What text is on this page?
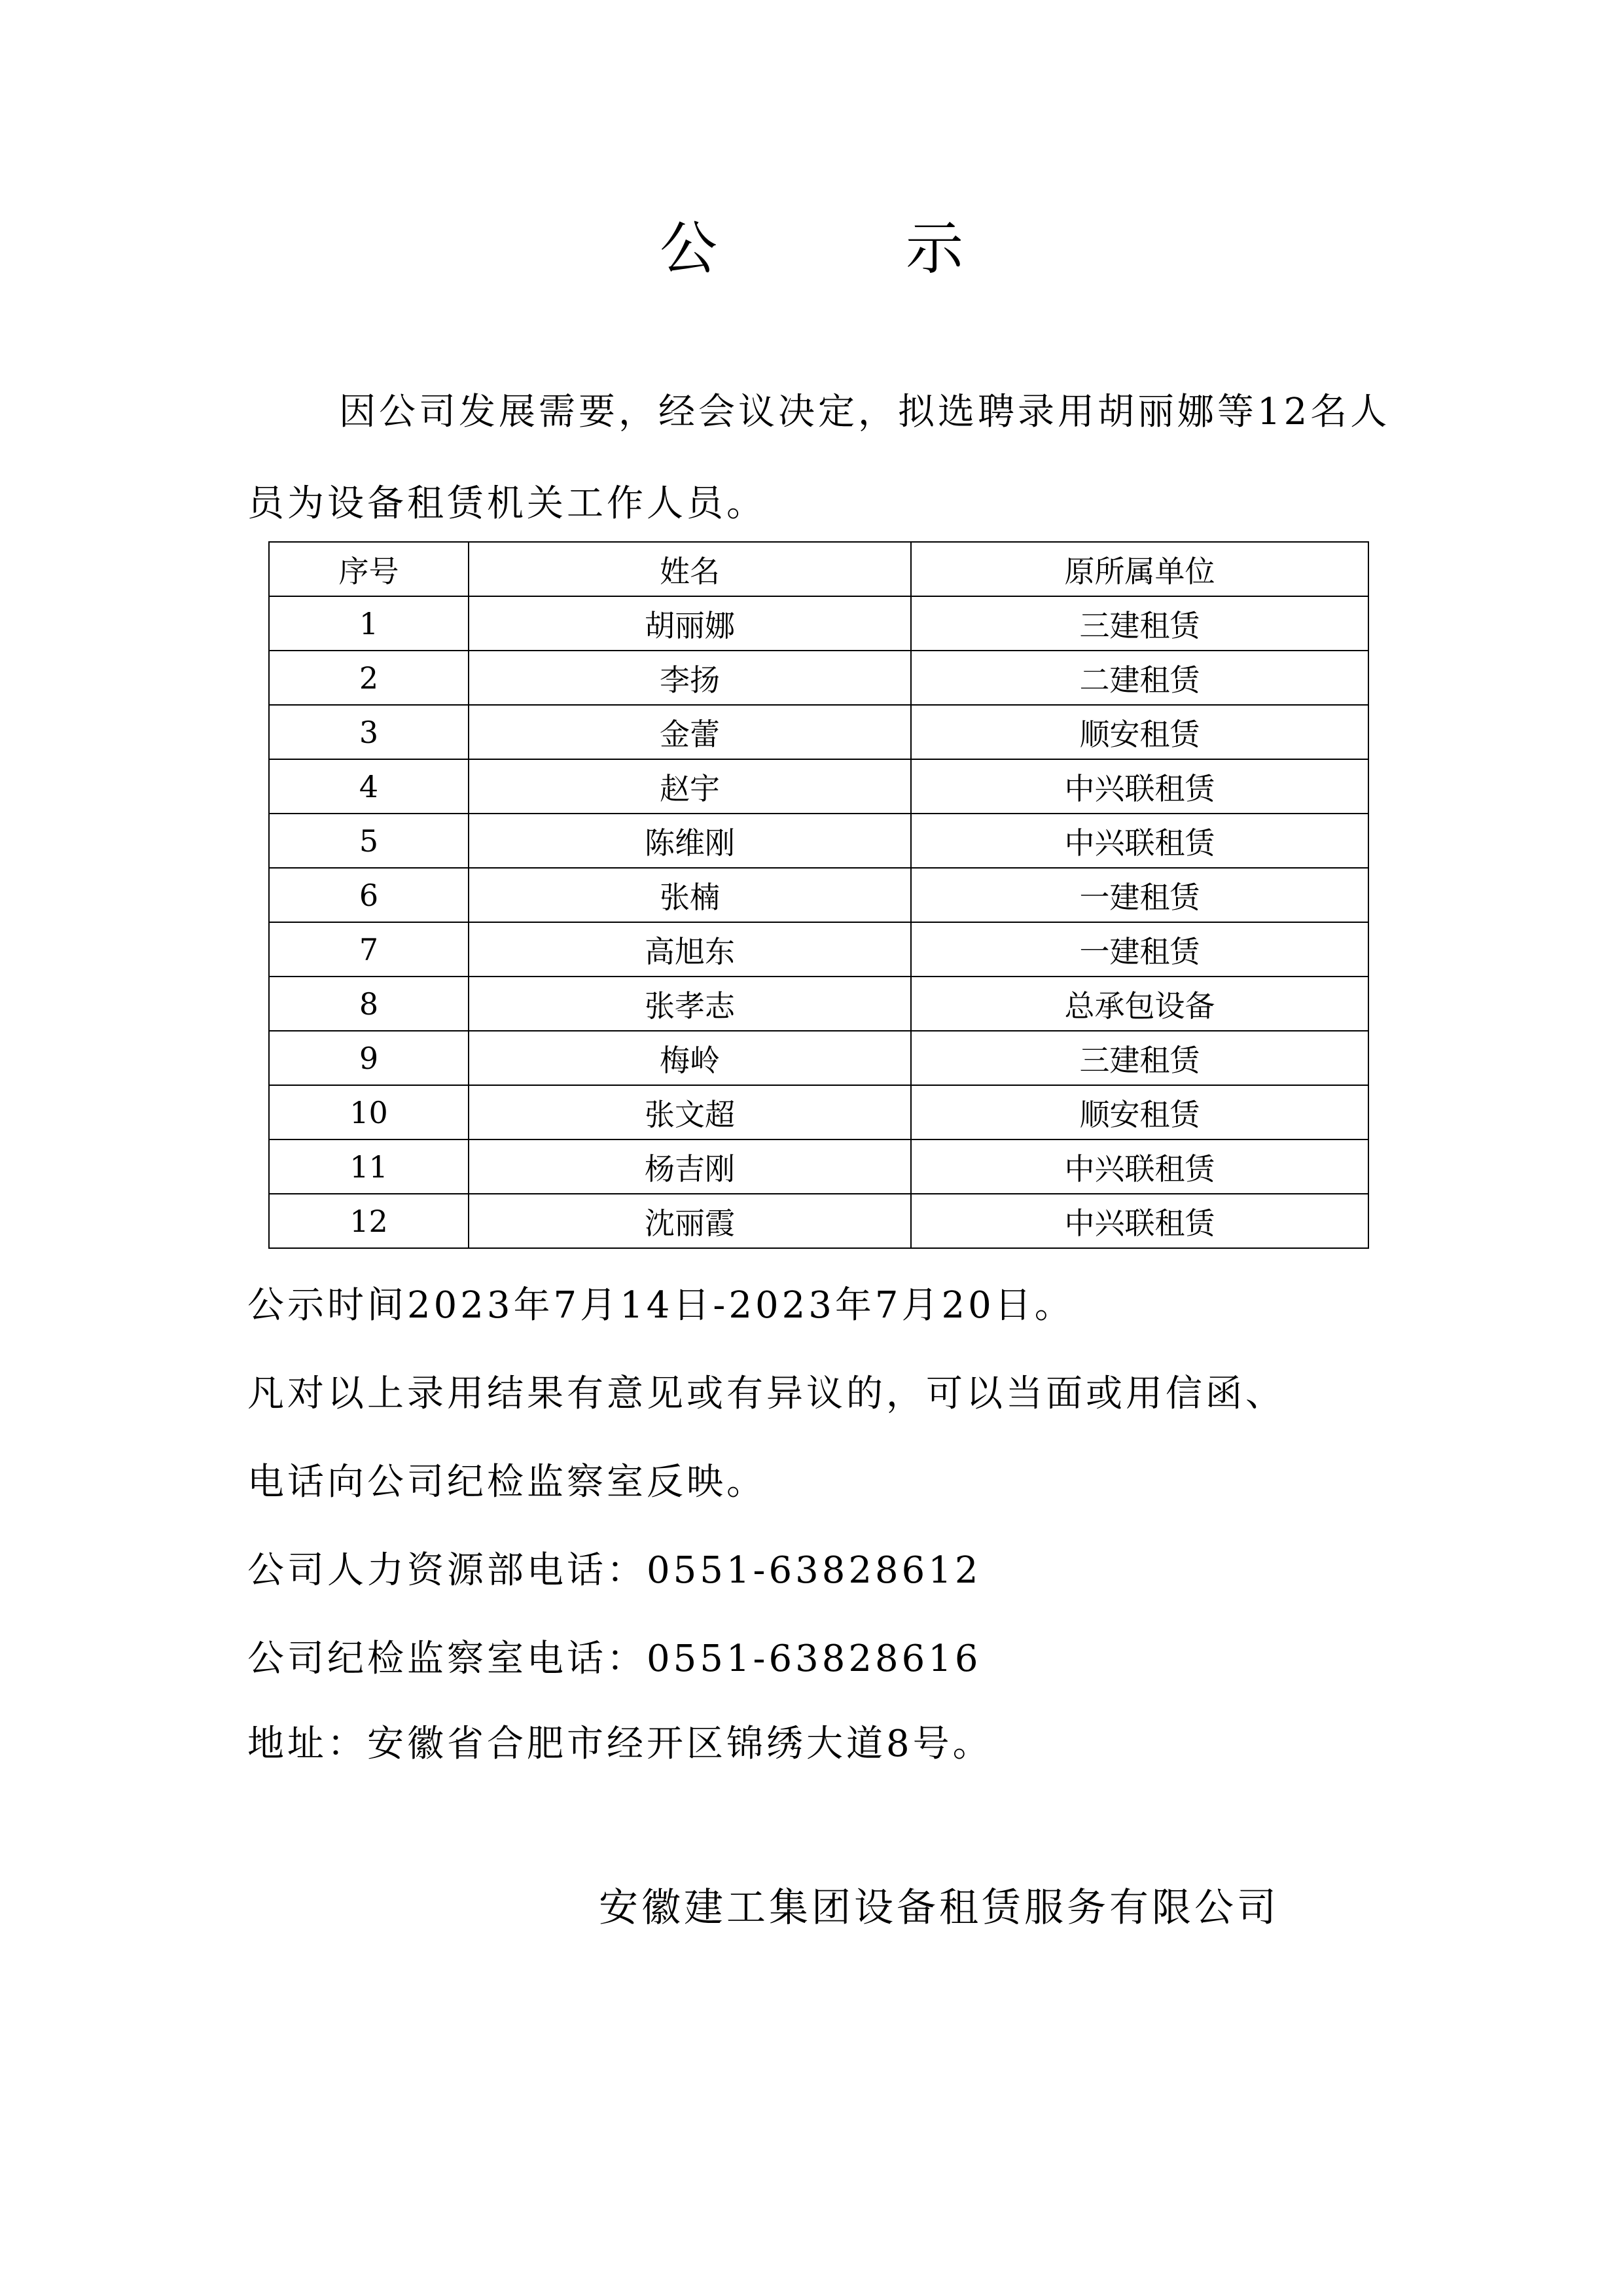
公 示
因公司发展需要，经会议决定，拟选聘录用胡丽娜等12名人员为设备租赁机关工作人员。
序号	姓名	原所属单位
1	胡丽娜	三建租赁
2	李扬	二建租赁
3	金蕾	顺安租赁
4	赵宇	中兴联租赁
5	陈维刚	中兴联租赁
6	张楠	一建租赁
7	高旭东	一建租赁
8	张孝志	总承包设备
9	梅岭	三建租赁
10	张文超	顺安租赁
11	杨吉刚	中兴联租赁
12	沈丽霞	中兴联租赁
公示时间2023年7月14日-2023年7月20日。
凡对以上录用结果有意见或有异议的，可以当面或用信函、
电话向公司纪检监察室反映。
公司人力资源部电话：0551-63828612
公司纪检监察室电话：0551-63828616
地址：安徽省合肥市经开区锦绣大道8号。
安徽建工集团设备租赁服务有限公司
